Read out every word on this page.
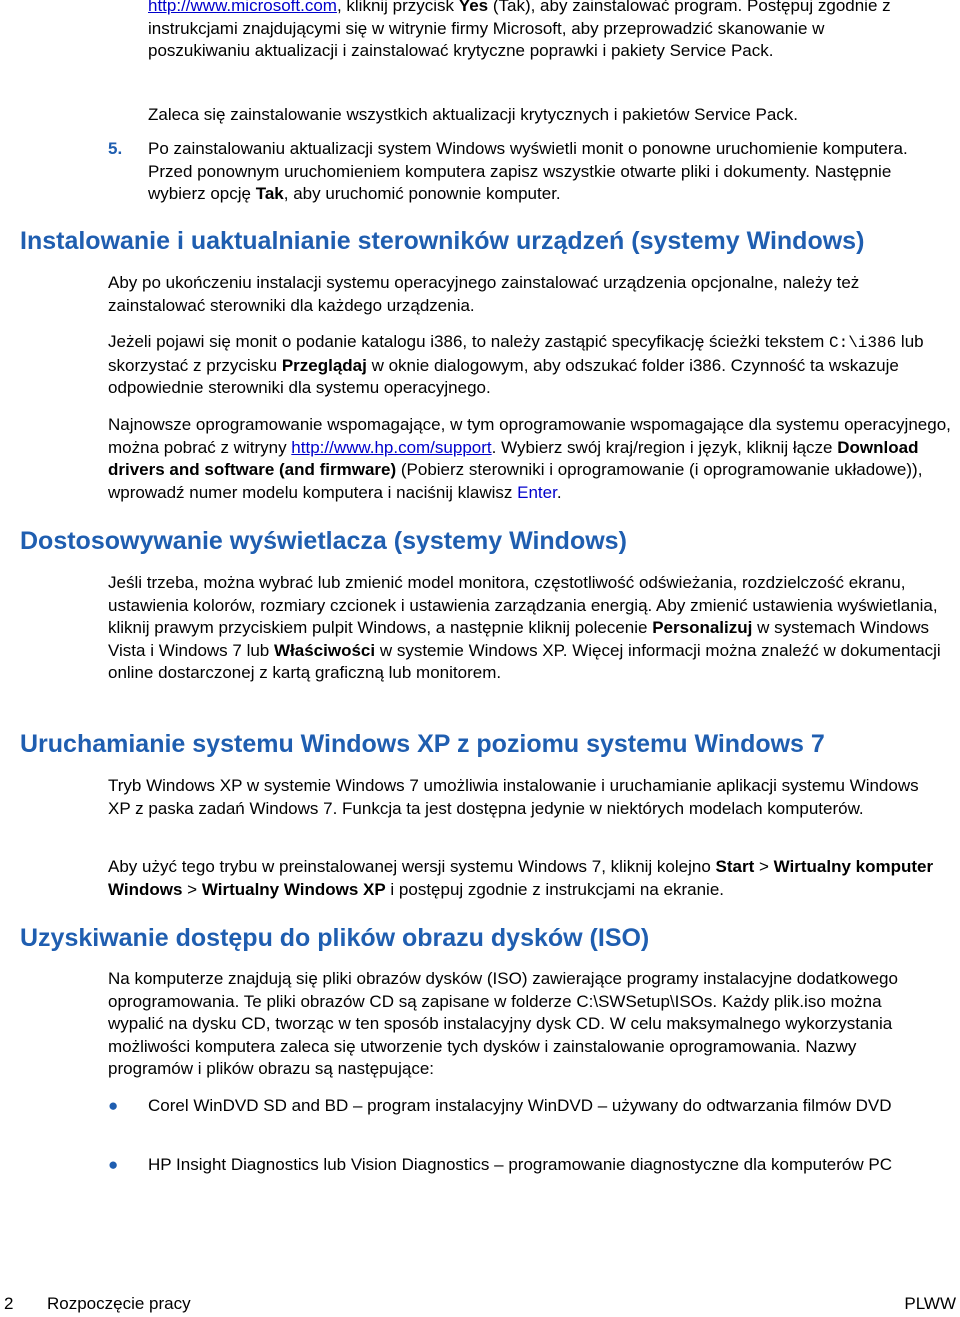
http://www.microsoft.com, kliknij przycisk Yes (Tak), aby zainstalować program. Postępuj zgodnie z instrukcjami znajdującymi się w witrynie firmy Microsoft, aby przeprowadzić skanowanie w poszukiwaniu aktualizacji i zainstalować krytyczne poprawki i pakiety Service Pack.
Zaleca się zainstalowanie wszystkich aktualizacji krytycznych i pakietów Service Pack.
5. Po zainstalowaniu aktualizacji system Windows wyświetli monit o ponowne uruchomienie komputera. Przed ponownym uruchomieniem komputera zapisz wszystkie otwarte pliki i dokumenty. Następnie wybierz opcję Tak, aby uruchomić ponownie komputer.
Instalowanie i uaktualnianie sterowników urządzeń (systemy Windows)
Aby po ukończeniu instalacji systemu operacyjnego zainstalować urządzenia opcjonalne, należy też zainstalować sterowniki dla każdego urządzenia.
Jeżeli pojawi się monit o podanie katalogu i386, to należy zastąpić specyfikację ścieżki tekstem C:\i386 lub skorzystać z przycisku Przeglądaj w oknie dialogowym, aby odszukać folder i386. Czynność ta wskazuje odpowiednie sterowniki dla systemu operacyjnego.
Najnowsze oprogramowanie wspomagające, w tym oprogramowanie wspomagające dla systemu operacyjnego, można pobrać z witryny http://www.hp.com/support. Wybierz swój kraj/region i język, kliknij łącze Download drivers and software (and firmware) (Pobierz sterowniki i oprogramowanie (i oprogramowanie układowe)), wprowadź numer modelu komputera i naciśnij klawisz Enter.
Dostosowywanie wyświetlacza (systemy Windows)
Jeśli trzeba, można wybrać lub zmienić model monitora, częstotliwość odświeżania, rozdzielczość ekranu, ustawienia kolorów, rozmiary czcionek i ustawienia zarządzania energią. Aby zmienić ustawienia wyświetlania, kliknij prawym przyciskiem pulpit Windows, a następnie kliknij polecenie Personalizuj w systemach Windows Vista i Windows 7 lub Właściwości w systemie Windows XP. Więcej informacji można znaleźć w dokumentacji online dostarczonej z kartą graficzną lub monitorem.
Uruchamianie systemu Windows XP z poziomu systemu Windows 7
Tryb Windows XP w systemie Windows 7 umożliwia instalowanie i uruchamianie aplikacji systemu Windows XP z paska zadań Windows 7. Funkcja ta jest dostępna jedynie w niektórych modelach komputerów.
Aby użyć tego trybu w preinstalowanej wersji systemu Windows 7, kliknij kolejno Start > Wirtualny komputer Windows > Wirtualny Windows XP i postępuj zgodnie z instrukcjami na ekranie.
Uzyskiwanie dostępu do plików obrazu dysków (ISO)
Na komputerze znajdują się pliki obrazów dysków (ISO) zawierające programy instalacyjne dodatkowego oprogramowania. Te pliki obrazów CD są zapisane w folderze C:\SWSetup\ISOs. Każdy plik.iso można wypalić na dysku CD, tworząc w ten sposób instalacyjny dysk CD. W celu maksymalnego wykorzystania możliwości komputera zaleca się utworzenie tych dysków i zainstalowanie oprogramowania. Nazwy programów i plików obrazu są następujące:
● Corel WinDVD SD and BD – program instalacyjny WinDVD – używany do odtwarzania filmów DVD
● HP Insight Diagnostics lub Vision Diagnostics – programowanie diagnostyczne dla komputerów PC
2 Rozpoczęcie pracy	PLWW
